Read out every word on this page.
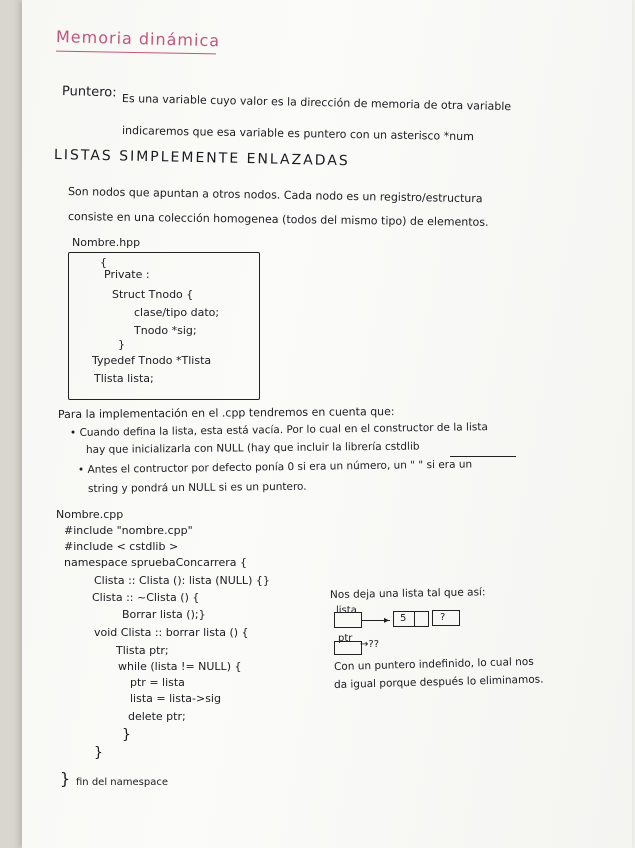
Memoria dinámica
Puntero: Es una variable cuyo valor es la dirección de memoria de otra variable
indicaremos que esa variable es puntero con un asterisco *num
LISTAS SIMPLEMENTE ENLAZADAS
Son nodos que apuntan a otros nodos. Cada nodo es un registro/estructura
consiste en una colección homogenea (todos del mismo tipo) de elementos.
Nombre.hpp
{
Private :
Struct Tnodo {
clase/tipo dato;
Tnodo *sig;
}
Typedef Tnodo *Tlista
Tlista lista;
Para la implementación en el .cpp tendremos en cuenta que:
• Cuando defina la lista, esta está vacía. Por lo cual en el constructor de la lista
hay que inicializarla con NULL (hay que incluir la librería cstdlib
• Antes el contructor por defecto ponía 0 si era un número, un " " si era un
string y pondrá un NULL si es un puntero.
Nombre.cpp
#include "nombre.cpp"
#include < cstdlib >
namespace spruebaConcarrera {
Clista :: Clista (): lista (NULL) {}
Clista :: ~Clista () {
Borrar lista ();}
void Clista :: borrar lista () {
Tlista ptr;
while (lista != NULL) {
ptr = lista
lista = lista->sig
delete ptr;
}
}
} fin del namespace
Nos deja una lista tal que así:
lista
▸ 5	?
ptr
→??
Con un puntero indefinido, lo cual nos
da igual porque después lo eliminamos.
